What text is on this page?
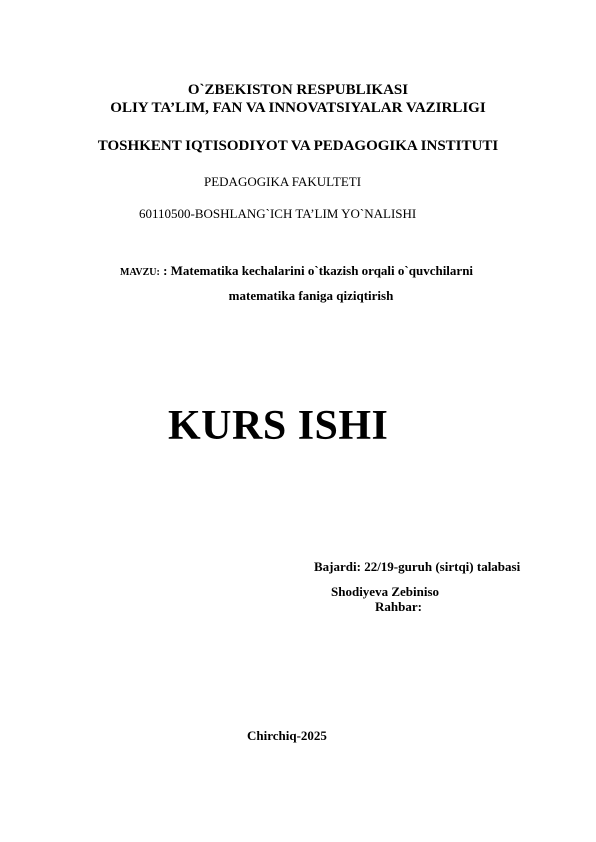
O`ZBEKISTON RESPUBLIKASI
OLIY TA’LIM, FAN VA INNOVATSIYALAR VAZIRLIGI
TOSHKENT IQTISODIYOT VA PEDAGOGIKA INSTITUTI
PEDAGOGIKA FAKULTETI
60110500-BOSHLANG`ICH TA’LIM YO`NALISHI
MAVZU: : Matematika kechalarini o`tkazish orqali o`quvchilarni
matematika faniga qiziqtirish
KURS ISHI
Bajardi: 22/19-guruh (sirtqi) talabasi
Shodiyeva Zebiniso
Rahbar:
Chirchiq-2025
